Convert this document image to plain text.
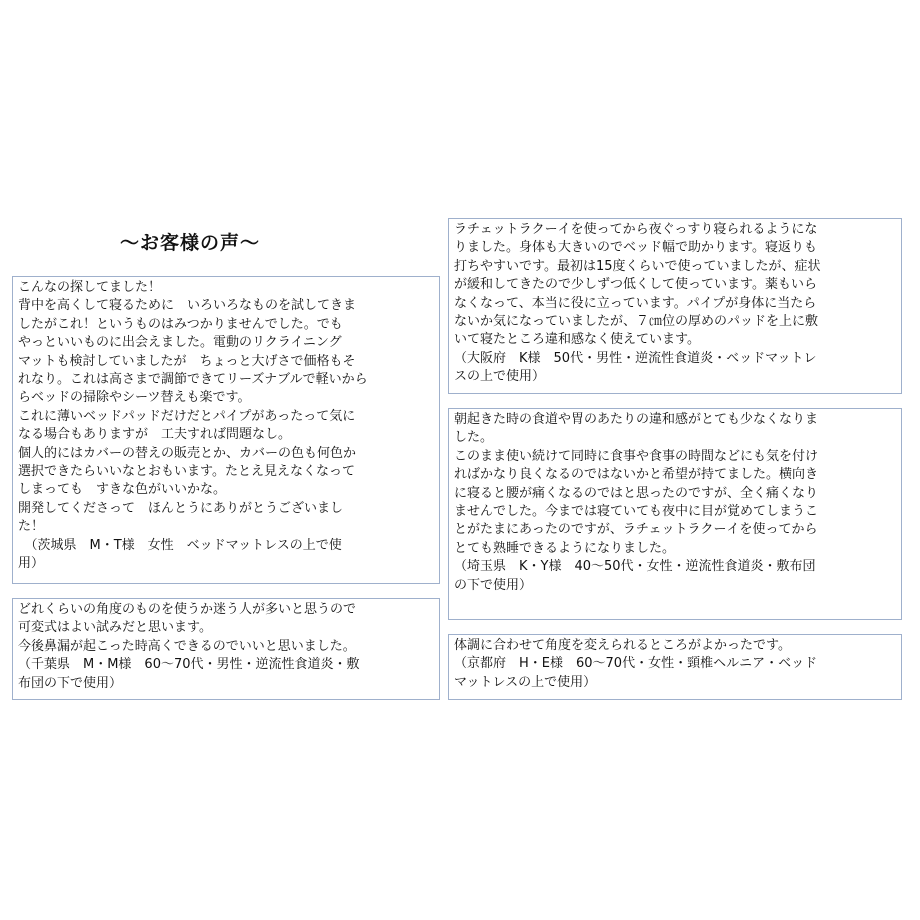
～お客様の声～
こんなの探してました！
背中を高くして寝るために　いろいろなものを試してきま
したがこれ！というものはみつかりませんでした。でも
やっといいものに出会えました。電動のリクライニング
マットも検討していましたが　ちょっと大げさで価格もそ
れなり。これは高さまで調節できてリーズナブルで軽いから
らベッドの掃除やシーツ替えも楽です。
これに薄いベッドパッドだけだとパイプがあったって気に
なる場合もありますが　工夫すれば問題なし。
個人的にはカバーの替えの販売とか、カバーの色も何色か
選択できたらいいなとおもいます。たとえ見えなくなって
しまっても　すきな色がいいかな。
開発してくださって　ほんとうにありがとうございまし
た！
　（茨城県　M・T様　女性　ベッドマットレスの上で使
用）
どれくらいの角度のものを使うか迷う人が多いと思うので
可変式はよい試みだと思います。
今後鼻漏が起こった時高くできるのでいいと思いました。
（千葉県　M・M様　60～70代・男性・逆流性食道炎・敷
布団の下で使用）
ラチェットラクーイを使ってから夜ぐっすり寝られるようにな
りました。身体も大きいのでベッド幅で助かります。寝返りも
打ちやすいです。最初は15度くらいで使っていましたが、症状
が緩和してきたので少しずつ低くして使っています。薬もいら
なくなって、本当に役に立っています。パイプが身体に当たら
ないか気になっていましたが、７㎝位の厚めのパッドを上に敷
いて寝たところ違和感なく使えています。
（大阪府　K様　50代・男性・逆流性食道炎・ベッドマットレ
スの上で使用）
朝起きた時の食道や胃のあたりの違和感がとても少なくなりま
した。
このまま使い続けて同時に食事や食事の時間などにも気を付け
ればかなり良くなるのではないかと希望が持てました。横向き
に寝ると腰が痛くなるのではと思ったのですが、全く痛くなり
ませんでした。今までは寝ていても夜中に目が覚めてしまうこ
とがたまにあったのですが、ラチェットラクーイを使ってから
とても熟睡できるようになりました。
（埼玉県　K・Y様　40～50代・女性・逆流性食道炎・敷布団
の下で使用）
体調に合わせて角度を変えられるところがよかったです。
（京都府　H・E様　60～70代・女性・頸椎ヘルニア・ベッド
マットレスの上で使用）
